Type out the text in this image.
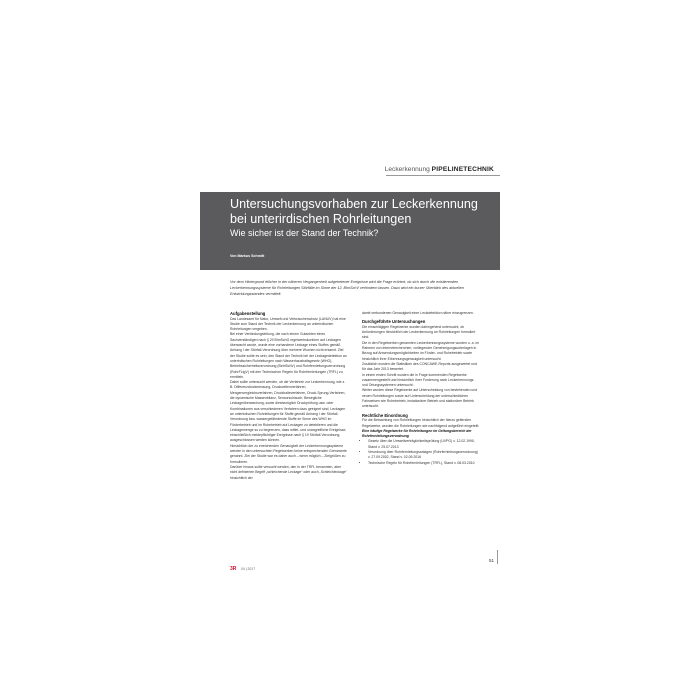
Leckerkennung PIPELINETECHNIK
Untersuchungsvorhaben zur Leckerkennung bei unterirdischen Rohrleitungen
Wie sicher ist der Stand der Technik?
Von Markus Schmitt
Vor dem Hintergrund etlicher in der näheren Vergangenheit aufgetretener Ereignisse wird die Frage erörtert, ob sich durch die existierenden Leckerkennungssysteme für Rohrleitungen Störfälle im Sinne der 12. BImSchV verhindern lassen. Dazu wird ein kurzer Überblick des aktuellen Entwicklungsstandes vermittelt.
Aufgabenstellung

Das Landesamt für Natur, Umwelt und Verbraucherschutz (LANUV) hat eine Studie zum Stand der Technik der Leckerkennung an unterirdischen Rohrleitungen vergeben.

Bei einer Verbindungsleitung, die nach einem Gutachten eines Sachverständigen nach § 29 BImSchG regelwerkskonform auf Leckagen überwacht wurde, wurde eine vorhandene Leckage eines Stoffes gemäß Anhang I der Störfall-Verordnung über mehrere Wochen nicht erkannt. Ziel der Studie sollte es sein, den Stand der Technik bei der Leckagedetektion an unterirdischen Rohrleitungen nach Wasserhaushaltsgesetz (WHG), Betriebssicherheitsverordnung (BetrSichV) und Rohrfernleitungsverordnung (RohrFLtgV) mit den Technischen Regeln für Rohrfernleitungen (TRFL) zu ermitteln.

Dabei sollte untersucht werden, ob die Verfahren zur Leckerkennung, wie z. B. Differenzdruckmessung, Druckwellenverfahren, Mengenvergleichsverfahren, Druckhalteverfahren, Druck-Sprung-Verfahren, die dynamische Massenbilanz, Sensorschlauch, Bewegliche Leckageüberwachung, sowie diesbezüglich Druckprüfung usw. oder Kombinationen aus verschiedenen Verfahren dazu geeignet sind, Leckagen an unterirdischen Rohrleitungen für Stoffe gemäß Anhang I der Störfall-Verordnung bzw. wassergefährdende Stoffe im Sinne des WHG im Förderbetrieb und im Ruhebetrieb auf Leckagen zu detektieren und die Leckagemenge so zu begrenzen, dass mittel- und unangreifliche Ereignisse, einschließlich meldepflichtiger Ereignisse nach § 19 Störfall-Verordnung, ausgeschlossen werden können.

Hinsichtlich der zu erreichenden Genauigkeit der Leckerkennungssysteme werden in den untersuchten Regelwerken keine entsprechenden Grenzwerte genannt. Ziel der Studie war es daher auch – wenn möglich – Zielgrößen zu formulieren.

Darüber hinaus sollte versucht werden, den in der TRFL benannten, aber nicht definierten Begriff „schleichende Leckage“ oder auch „Schleichleckage“ hinsichtlich der

damit verbundenen Genauigkeit einer Leckdetektion näher einzugrenzen.

Durchgeführte Untersuchungen

Die einschlägigen Regelwerke wurden dahingehend untersucht, ob Anforderungen hinsichtlich der Leckerkennung an Rohrleitungen formuliert sind.

Die in den Regelwerken genannten Leckerkennungssysteme wurden u. a. im Rahmen von Internetrecherchen, vorliegender Genehmigungsunterlagen in Bezug auf Anwendungsmöglichkeiten im Förder- und Ruhebetrieb sowie hinsichtlich ihrer Erkennungsgenauigkeit untersucht.

Zusätzlich wurden die Statistiken des CONCAWE-Reports ausgewertet und für das Jahr 2013 bewertet.

In einem ersten Schritt wurden die in Frage kommenden Regelwerke zusammengestellt und hinsichtlich ihrer Forderung nach Leckerkennungs- und Ortungssystemen untersucht.

Weiter wurden diese Regelwerke auf Unterscheidung von bestehenden und neuen Rohrleitungen sowie auf Unterscheidung der unterschiedlichen Fahrweisen wie Ruhebetrieb, instationärer Betrieb und stationärer Betrieb untersucht.

Rechtliche Einordnung

Für die Betrachtung von Rohrleitungen hinsichtlich der hierzu geltenden Regelwerke, wurden die Rohrleitungen wie nachfolgend aufgeführt eingeteilt:

Eine häufige Regelwerke für Rohrleitungen im Geltungsbereich der Rohrfernleitungsverordnung

• Gesetz über die Umweltverträglichkeitsprüfung (UVPG) v. 12.02.1990, Stand v. 25.07.2013
• Verordnung über Rohrfernleitungsanlagen (Rohrfernleitungsverordnung) v. 27.09.2002, Stand v. 02.09.2016
• Technische Regeln für Rohrfernleitungen (TRFL), Stand v. 08.03.2010
3R 04 | 2017
51
